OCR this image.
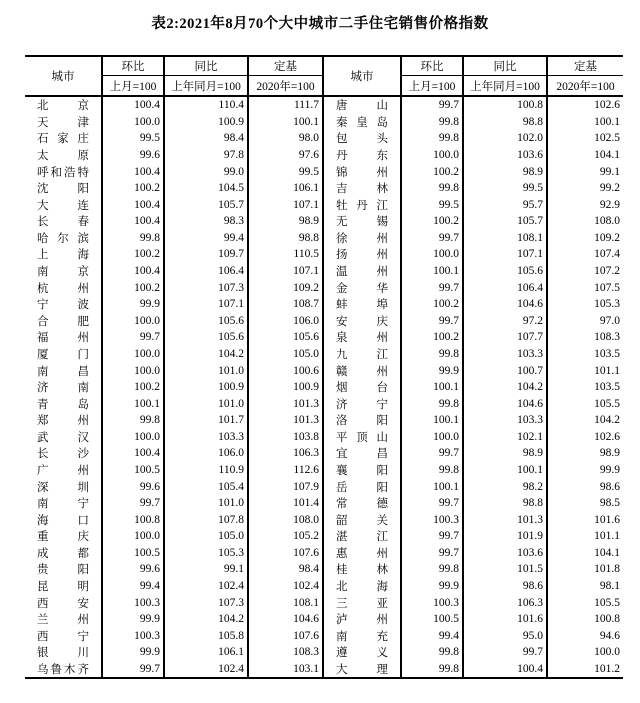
表2:2021年8月70个大中城市二手住宅销售价格指数
城市
环比	同比	定基
上月=100	上年同月=100	2020年=100
城市
环比	同比	定基
上月=100	上年同月=100	2020年=100
北	京	100.4	110.4	111.7	唐	山	99.7	100.8	102.6
天	津	100.0	100.9	100.1	秦 皇 岛	99.8	98.8	100.1
石 家 庄	99.5	98.4	98.0	包	头	99.8	102.0	102.5
太	原	99.6	97.8	97.6	丹	东	100.0	103.6	104.1
呼 和 浩 特	100.4	99.0	99.5	锦	州	100.2	98.9	99.1
沈	阳	100.2	104.5	106.1	吉	林	99.8	99.5	99.2
大	连	100.4	105.7	107.1	牡 丹 江	99.5	95.7	92.9
长	春	100.4	98.3	98.9	无	锡	100.2	105.7	108.0
哈 尔 滨	99.8	99.4	98.8	徐	州	99.7	108.1	109.2
上	海	100.2	109.7	110.5	扬	州	100.0	107.1	107.4
南	京	100.4	106.4	107.1	温	州	100.1	105.6	107.2
杭	州	100.2	107.3	109.2	金	华	99.7	106.4	107.5
宁	波	99.9	107.1	108.7	蚌	埠	100.2	104.6	105.3
合	肥	100.0	105.6	106.0	安	庆	99.7	97.2	97.0
福	州	99.7	105.6	105.6	泉	州	100.2	107.7	108.3
厦	门	100.0	104.2	105.0	九	江	99.8	103.3	103.5
南	昌	100.0	101.0	100.6	赣	州	99.9	100.7	101.1
济	南	100.2	100.9	100.9	烟	台	100.1	104.2	103.5
青	岛	100.1	101.0	101.3	济	宁	99.8	104.6	105.5
郑	州	99.8	101.7	101.3	洛	阳	100.1	103.3	104.2
武	汉	100.0	103.3	103.8	平 顶 山	100.0	102.1	102.6
长	沙	100.4	106.0	106.3	宜	昌	99.7	98.9	98.9
广	州	100.5	110.9	112.6	襄	阳	99.8	100.1	99.9
深	圳	99.6	105.4	107.9	岳	阳	100.1	98.2	98.6
南	宁	99.7	101.0	101.4	常	德	99.7	98.8	98.5
海	口	100.8	107.8	108.0	韶	关	100.3	101.3	101.6
重	庆	100.0	105.0	105.2	湛	江	99.7	101.9	101.1
成	都	100.5	105.3	107.6	惠	州	99.7	103.6	104.1
贵	阳	99.6	99.1	98.4	桂	林	99.8	101.5	101.8
昆	明	99.4	102.4	102.4	北	海	99.9	98.6	98.1
西	安	100.3	107.3	108.1	三	亚	100.3	106.3	105.5
兰	州	99.9	104.2	104.6	泸	州	100.5	101.6	100.8
西	宁	100.3	105.8	107.6	南	充	99.4	95.0	94.6
银	川	99.9	106.1	108.3	遵	义	99.8	99.7	100.0
乌 鲁 木 齐	99.7	102.4	103.1	大	理	99.8	100.4	101.2
